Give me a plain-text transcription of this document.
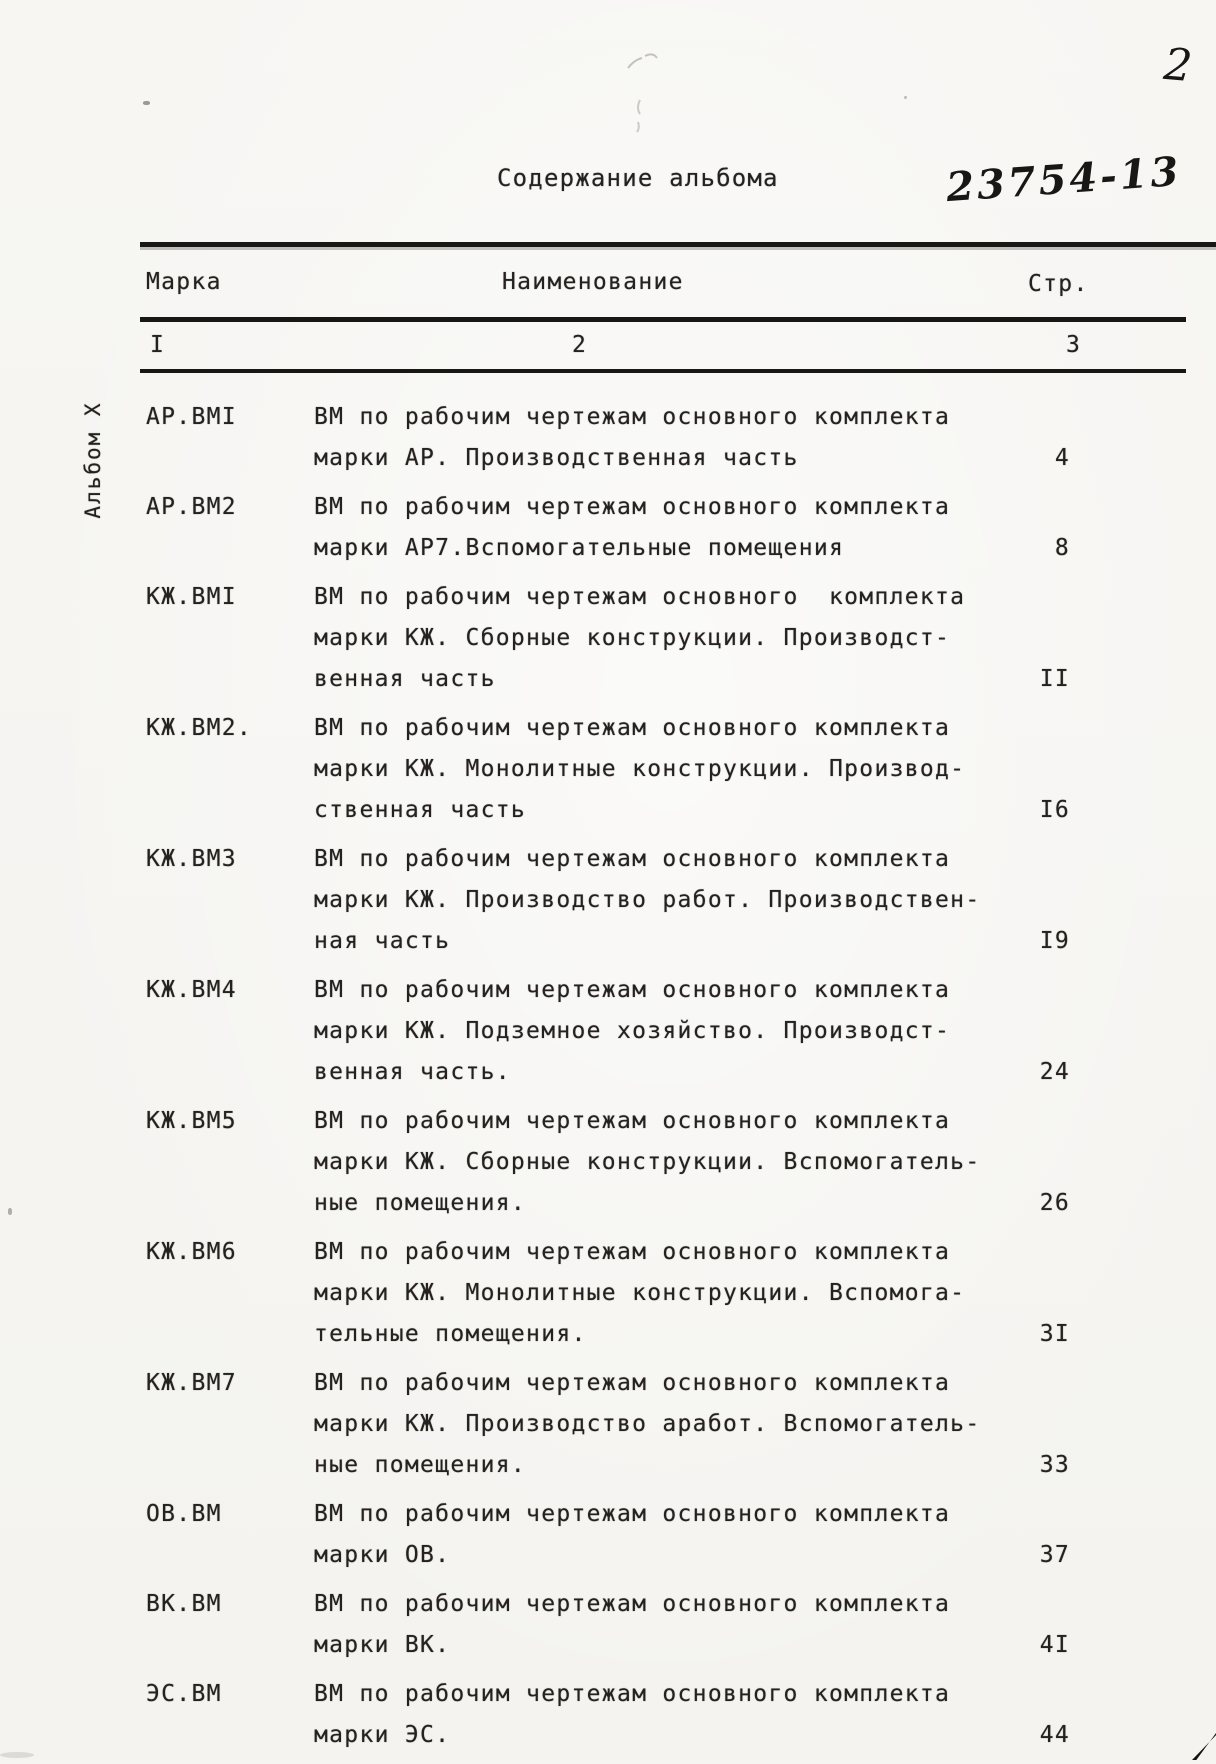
2
Содержание альбома	23754-13
Альбом X
Марка	Наименование	Стр.
I	2	3
АР.ВМI	ВМ по рабочим чертежам основного комплекта
марки АР. Производственная часть	4
АР.ВМ2	ВМ по рабочим чертежам основного комплекта
марки АР7.Вспомогательные помещения	8
КЖ.ВМI	ВМ по рабочим чертежам основного  комплекта
марки КЖ. Сборные конструкции. Производст-
венная часть	II
КЖ.ВМ2.	ВМ по рабочим чертежам основного комплекта
марки КЖ. Монолитные конструкции. Производ-
ственная часть	I6
КЖ.ВМ3	ВМ по рабочим чертежам основного комплекта
марки КЖ. Производство работ. Производствен-
ная часть	I9
КЖ.ВМ4	ВМ по рабочим чертежам основного комплекта
марки КЖ. Подземное хозяйство. Производст-
венная часть.	24
КЖ.ВМ5	ВМ по рабочим чертежам основного комплекта
марки КЖ. Сборные конструкции. Вспомогатель-
ные помещения.	26
КЖ.ВМ6	ВМ по рабочим чертежам основного комплекта
марки КЖ. Монолитные конструкции. Вспомога-
тельные помещения.	3I
КЖ.ВМ7	ВМ по рабочим чертежам основного комплекта
марки КЖ. Производство аработ. Вспомогатель-
ные помещения.	33
ОВ.ВМ	ВМ по рабочим чертежам основного комплекта
марки ОВ.	37
ВК.ВМ	ВМ по рабочим чертежам основного комплекта
марки ВК.	4I
ЭС.ВМ	ВМ по рабочим чертежам основного комплекта
марки ЭС.	44
